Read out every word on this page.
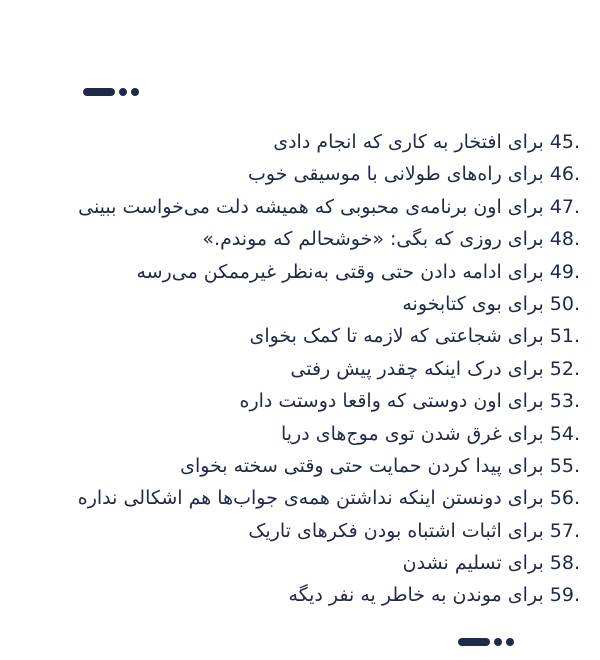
45. برای افتخار به کاری که انجام دادی
46. برای راه‌های طولانی با موسیقی خوب
47. برای اون برنامه‌ی محبوبی که همیشه دلت می‌خواست ببینی
48. برای روزی که بگی: «خوشحالم که موندم.»
49. برای ادامه دادن حتی وقتی به‌نظر غیرممکن می‌رسه
50. برای بوی کتابخونه
51. برای شجاعتی که لازمه تا کمک بخوای
52. برای درک اینکه چقدر پیش رفتی
53. برای اون دوستی که واقعا دوستت داره
54. برای غرق شدن توی موج‌های دریا
55. برای پیدا کردن حمایت حتی وقتی سخته بخوای
56. برای دونستن اینکه نداشتن همه‌ی جواب‌ها هم اشکالی نداره
57. برای اثبات اشتباه بودن فکرهای تاریک
58. برای تسلیم نشدن
59. برای موندن به خاطر یه نفر دیگه
